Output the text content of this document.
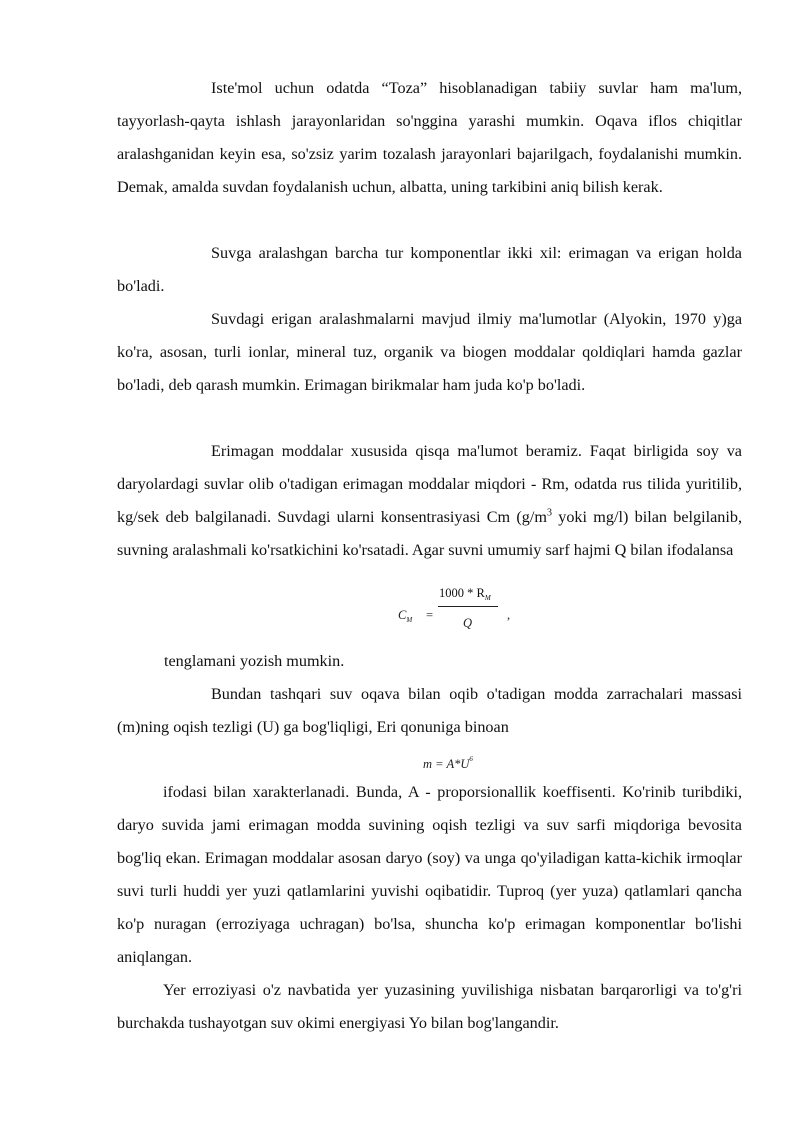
Iste'mol uchun odatda “Toza” hisoblanadigan tabiiy suvlar ham ma'lum, tayyorlash-qayta ishlash jarayonlaridan so'nggina yarashi mumkin. Oqava iflos chiqitlar aralashganidan keyin esa, so'zsiz yarim tozalash jarayonlari bajarilgach, foydalanishi mumkin. Demak, amalda suvdan foydalanish uchun, albatta, uning tarkibini aniq bilish kerak.

Suvga aralashgan barcha tur komponentlar ikki xil: erimagan va erigan holda bo'ladi.

Suvdagi erigan aralashmalarni mavjud ilmiy ma'lumotlar (Alyokin, 1970 y)ga ko'ra, asosan, turli ionlar, mineral tuz, organik va biogen moddalar qoldiqlari hamda gazlar bo'ladi, deb qarash mumkin. Erimagan birikmalar ham juda ko'p bo'ladi.

Erimagan moddalar xususida qisqa ma'lumot beramiz. Faqat birligida soy va daryolardagi suvlar olib o'tadigan erimagan moddalar miqdori - Rm, odatda rus tilida yuritilib, kg/sek deb balgilanadi. Suvdagi ularni konsentrasiyasi Cm ($g/m^3$ yoki mg/l) bilan belgilanib, suvning aralashmali ko'rsatkichini ko'rsatadi. Agar suvni umumiy sarf hajmi Q bilan ifodalansa

$C_M$ =
$1000 * R_M$
Q
,

tenglamani yozish mumkin.

Bundan tashqari suv oqava bilan oqib o'tadigan modda zarrachalari massasi (m)ning oqish tezligi (U) ga bog'liqligi, Eri qonuniga binoan

$m = A*U^6$

ifodasi bilan xarakterlanadi. Bunda, A - proporsionallik koeffisenti. Ko'rinib turibdiki, daryo suvida jami erimagan modda suvining oqish tezligi va suv sarfi miqdoriga bevosita bog'liq ekan. Erimagan moddalar asosan daryo (soy) va unga qo'yiladigan katta-kichik irmoqlar suvi turli huddi yer yuzi qatlamlarini yuvishi oqibatidir. Tuproq (yer yuza) qatlamlari qancha ko'p nuragan (erroziyaga uchragan) bo'lsa, shuncha ko'p erimagan komponentlar bo'lishi aniqlangan.

Yer erroziyasi o'z navbatida yer yuzasining yuvilishiga nisbatan barqarorligi va to'g'ri burchakda tushayotgan suv okimi energiyasi Yo bilan bog'langandir.
